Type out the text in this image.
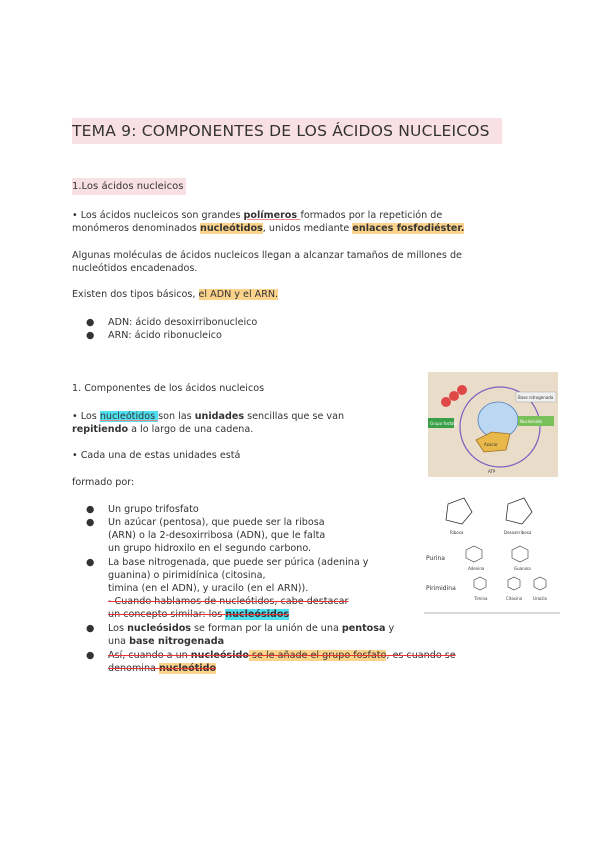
TEMA 9: COMPONENTES DE LOS ÁCIDOS NUCLEICOS
1.Los ácidos nucleicos
• Los ácidos nucleicos son grandes polímeros formados por la repetición de
monómeros denominados nucleótidos, unidos mediante enlaces fosfodiéster.
Algunas moléculas de ácidos nucleicos llegan a alcanzar tamaños de millones de
nucleótidos encadenados.
Existen dos tipos básicos, el ADN y el ARN.
● ADN: ácido desoxirribonucleico
● ARN: ácido ribonucleico
1. Componentes de los ácidos nucleicos
• Los nucleótidos son las unidades sencillas que se van
repitiendo a lo largo de una cadena.
• Cada una de estas unidades está
formado por:
● Un grupo trifosfato
● Un azúcar (pentosa), que puede ser la ribosa
(ARN) o la 2-desoxirribosa (ADN), que le falta
un grupo hidroxilo en el segundo carbono.
● La base nitrogenada, que puede ser púrica (adenina y
guanina) o pirimidínica (citosina,
timina (en el ADN), y uracilo (en el ARN)).
- Cuando hablamos de nucleótidos, cabe destacar
un concepto similar: los nucleósidos
● Los nucleósidos se forman por la unión de una pentosa y
una base nitrogenada
● Así, cuando a un nucleósido se le añade el grupo fosfato, es cuando se
denomina nucleótido
Grupo fosfato	Nucleósido
Base nitrogenada
Azúcar
ATP
Ribosa	Desoxirribosa
Purina
Pirimidina
Adenina	Guanina
Timina	Citosina	Uracilo
